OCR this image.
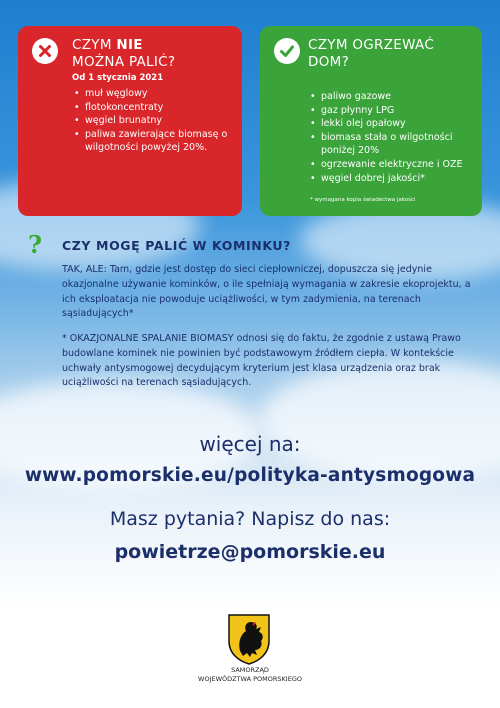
CZYM NIE
MOŻNA PALIĆ?
Od 1 stycznia 2021
• muł węglowy
• flotokoncentraty
• węgiel brunatny
• paliwa zawierające biomasę o wilgotności powyżej 20%.
CZYM OGRZEWAĆ
DOM?
• paliwo gazowe
• gaz płynny LPG
• lekki olej opałowy
• biomasa stała o wilgotności poniżej 20%
• ogrzewanie elektryczne i OZE
• węgiel dobrej jakości*
* wymagana kopia świadectwa jakości
? CZY MOGĘ PALIĆ W KOMINKU?
TAK, ALE: Tam, gdzie jest dostęp do sieci ciepłowniczej, dopuszcza się jedynie okazjonalne używanie kominków, o ile spełniają wymagania w zakresie ekoprojektu, a ich eksploatacja nie powoduje uciążliwości, w tym zadymienia, na terenach sąsiadujących*
* OKAZJONALNE SPALANIE BIOMASY odnosi się do faktu, że zgodnie z ustawą Prawo budowlane kominek nie powinien być podstawowym źródłem ciepła. W kontekście uchwały antysmogowej decydującym kryterium jest klasa urządzenia oraz brak uciążliwości na terenach sąsiadujących.
więcej na:
www.pomorskie.eu/polityka-antysmogowa
Masz pytania? Napisz do nas:
powietrze@pomorskie.eu
SAMORZĄD
WOJEWÓDZTWA POMORSKIEGO
